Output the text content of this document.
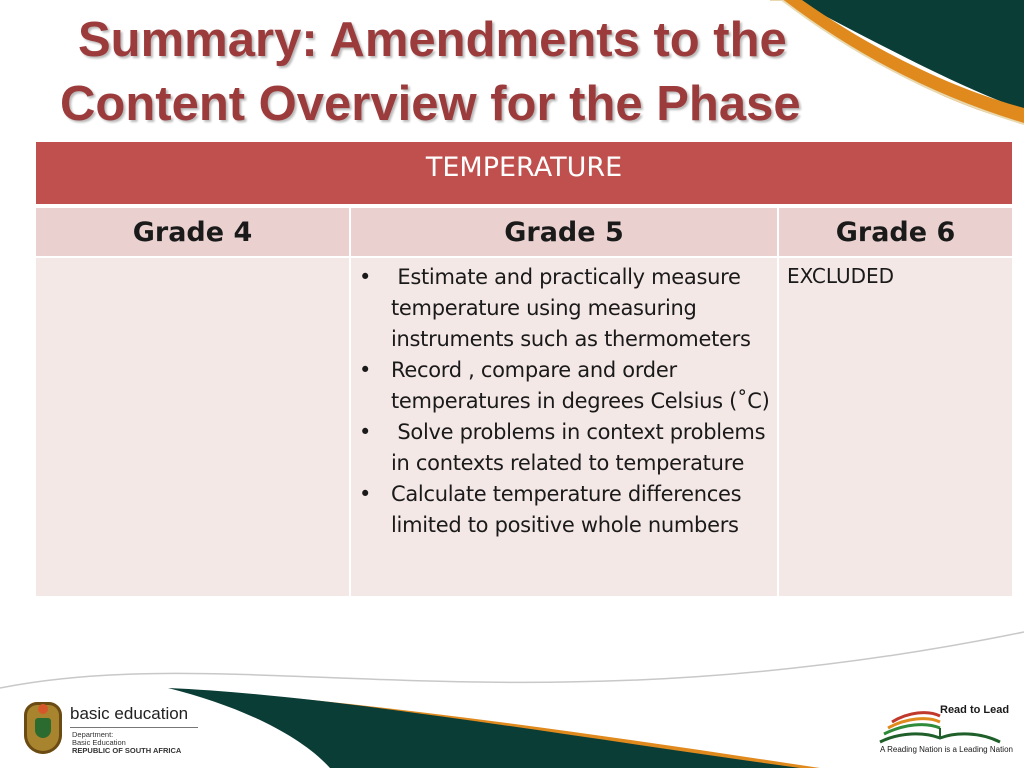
Summary: Amendments to the
Content Overview for the Phase
TEMPERATURE
Grade 4	Grade 5	Grade 6
• Estimate and practically measure temperature using measuring instruments such as thermometers
• Record , compare and order temperatures in degrees Celsius (˚C)
• Solve problems in context problems in contexts related to temperature
• Calculate temperature differences limited to positive whole numbers
EXCLUDED
basic education
Department:
Basic Education
REPUBLIC OF SOUTH AFRICA
Read to Lead
A Reading Nation is a Leading Nation
